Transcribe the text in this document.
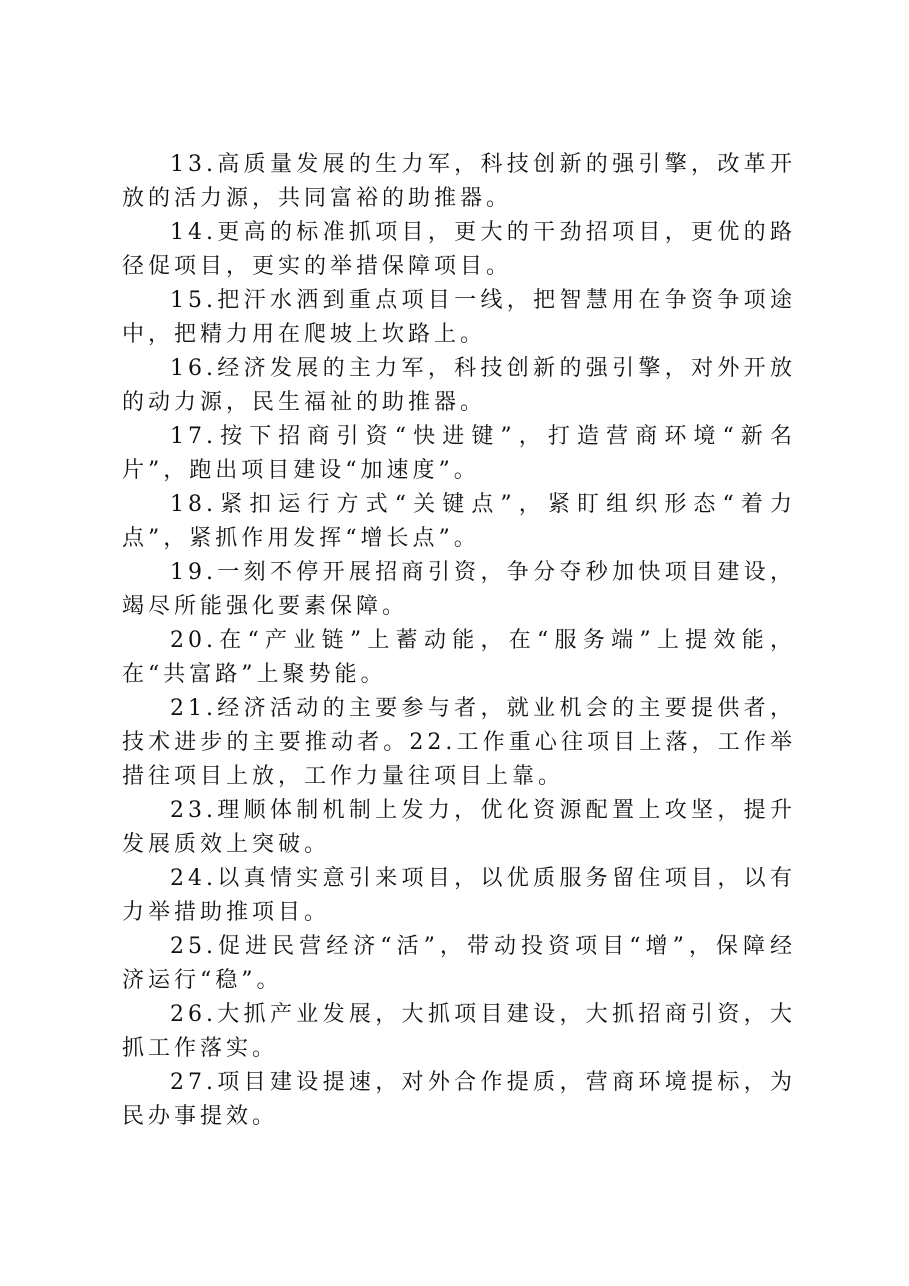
13.高质量发展的生力军，科技创新的强引擎，改革开放的活力源，共同富裕的助推器。

14.更高的标准抓项目，更大的干劲招项目，更优的路径促项目，更实的举措保障项目。

15.把汗水洒到重点项目一线，把智慧用在争资争项途中，把精力用在爬坡上坎路上。

16.经济发展的主力军，科技创新的强引擎，对外开放的动力源，民生福祉的助推器。

17.按下招商引资“快进键”，打造营商环境“新名片”，跑出项目建设“加速度”。

18.紧扣运行方式“关键点”，紧盯组织形态“着力点”，紧抓作用发挥“增长点”。

19.一刻不停开展招商引资，争分夺秒加快项目建设，竭尽所能强化要素保障。

20.在“产业链”上蓄动能，在“服务端”上提效能，在“共富路”上聚势能。

21.经济活动的主要参与者，就业机会的主要提供者，技术进步的主要推动者。22.工作重心往项目上落，工作举措往项目上放，工作力量往项目上靠。

23.理顺体制机制上发力，优化资源配置上攻坚，提升发展质效上突破。

24.以真情实意引来项目，以优质服务留住项目，以有力举措助推项目。

25.促进民营经济“活”，带动投资项目“增”，保障经济运行“稳”。

26.大抓产业发展，大抓项目建设，大抓招商引资，大抓工作落实。

27.项目建设提速，对外合作提质，营商环境提标，为民办事提效。
